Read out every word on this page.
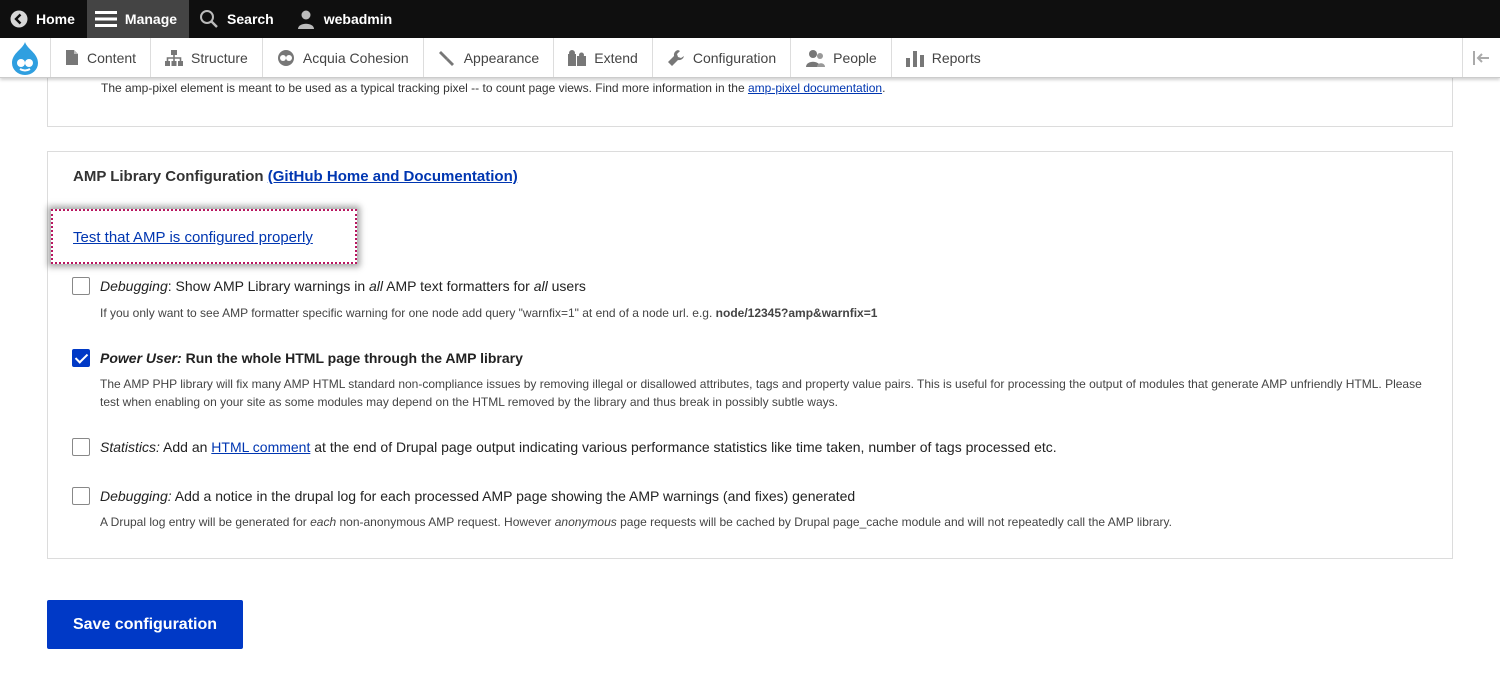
Home	Manage	Search	webadmin
Content	Structure	Acquia Cohesion	Appearance	Extend	Configuration	People	Reports

The amp-pixel element is meant to be used as a typical tracking pixel -- to count page views. Find more information in the amp-pixel documentation.

AMP Library Configuration (GitHub Home and Documentation)
Test that AMP is configured properly
Debugging: Show AMP Library warnings in all AMP text formatters for all users
If you only want to see AMP formatter specific warning for one node add query "warnfix=1" at end of a node url. e.g. node/12345?amp&warnfix=1
Power User: Run the whole HTML page through the AMP library
The AMP PHP library will fix many AMP HTML standard non-compliance issues by removing illegal or disallowed attributes, tags and property value pairs. This is useful for processing the output of modules that generate AMP unfriendly HTML. Please test when enabling on your site as some modules may depend on the HTML removed by the library and thus break in possibly subtle ways.
Statistics: Add an HTML comment at the end of Drupal page output indicating various performance statistics like time taken, number of tags processed etc.
Debugging: Add a notice in the drupal log for each processed AMP page showing the AMP warnings (and fixes) generated
A Drupal log entry will be generated for each non-anonymous AMP request. However anonymous page requests will be cached by Drupal page_cache module and will not repeatedly call the AMP library.
Save configuration
